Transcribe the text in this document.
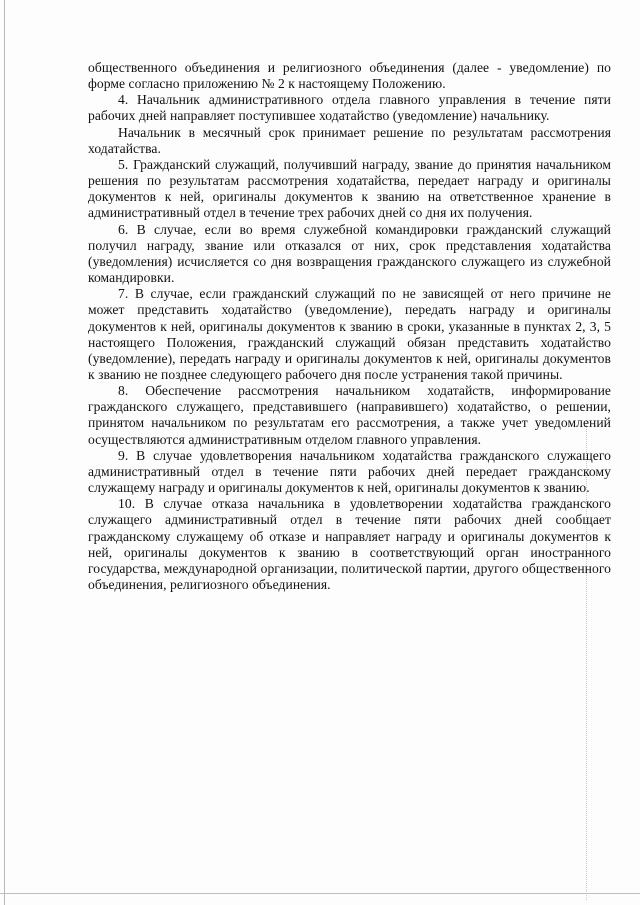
общественного объединения и религиозного объединения (далее - уведомление) по форме согласно приложению № 2 к настоящему Положению.

4. Начальник административного отдела главного управления в течение пяти рабочих дней направляет поступившее ходатайство (уведомление) начальнику.

Начальник в месячный срок принимает решение по результатам рассмотрения ходатайства.

5. Гражданский служащий, получивший награду, звание до принятия начальником решения по результатам рассмотрения ходатайства, передает награду и оригиналы документов к ней, оригиналы документов к званию на ответственное хранение в административный отдел в течение трех рабочих дней со дня их получения.

6. В случае, если во время служебной командировки гражданский служащий получил награду, звание или отказался от них, срок представления ходатайства (уведомления) исчисляется со дня возвращения гражданского служащего из служебной командировки.

7. В случае, если гражданский служащий по не зависящей от него причине не может представить ходатайство (уведомление), передать награду и оригиналы документов к ней, оригиналы документов к званию в сроки, указанные в пунктах 2, 3, 5 настоящего Положения, гражданский служащий обязан представить ходатайство (уведомление), передать награду и оригиналы документов к ней, оригиналы документов к званию не позднее следующего рабочего дня после устранения такой причины.

8. Обеспечение рассмотрения начальником ходатайств, информирование гражданского служащего, представившего (направившего) ходатайство, о решении, принятом начальником по результатам его рассмотрения, а также учет уведомлений осуществляются административным отделом главного управления.

9. В случае удовлетворения начальником ходатайства гражданского служащего административный отдел в течение пяти рабочих дней передает гражданскому служащему награду и оригиналы документов к ней, оригиналы документов к званию.

10. В случае отказа начальника в удовлетворении ходатайства гражданского служащего административный отдел в течение пяти рабочих дней сообщает гражданскому служащему об отказе и направляет награду и оригиналы документов к ней, оригиналы документов к званию в соответствующий орган иностранного государства, международной организации, политической партии, другого общественного объединения, религиозного объединения.
